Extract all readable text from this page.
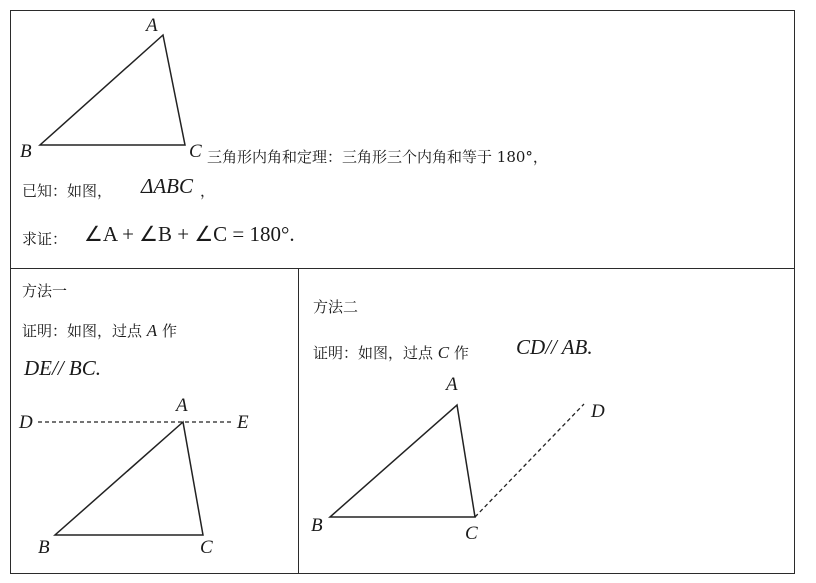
A
B	C
D	E
A
B	C
A
B	C
D
三角形内角和定理：三角形三个内角和等于 180°，
已知：如图， ΔABC ，
求证： ∠A + ∠B + ∠C = 180°.
方法一
证明：如图，过点 A 作
DE// BC.
方法二
证明：如图，过点 C 作 CD// AB.
